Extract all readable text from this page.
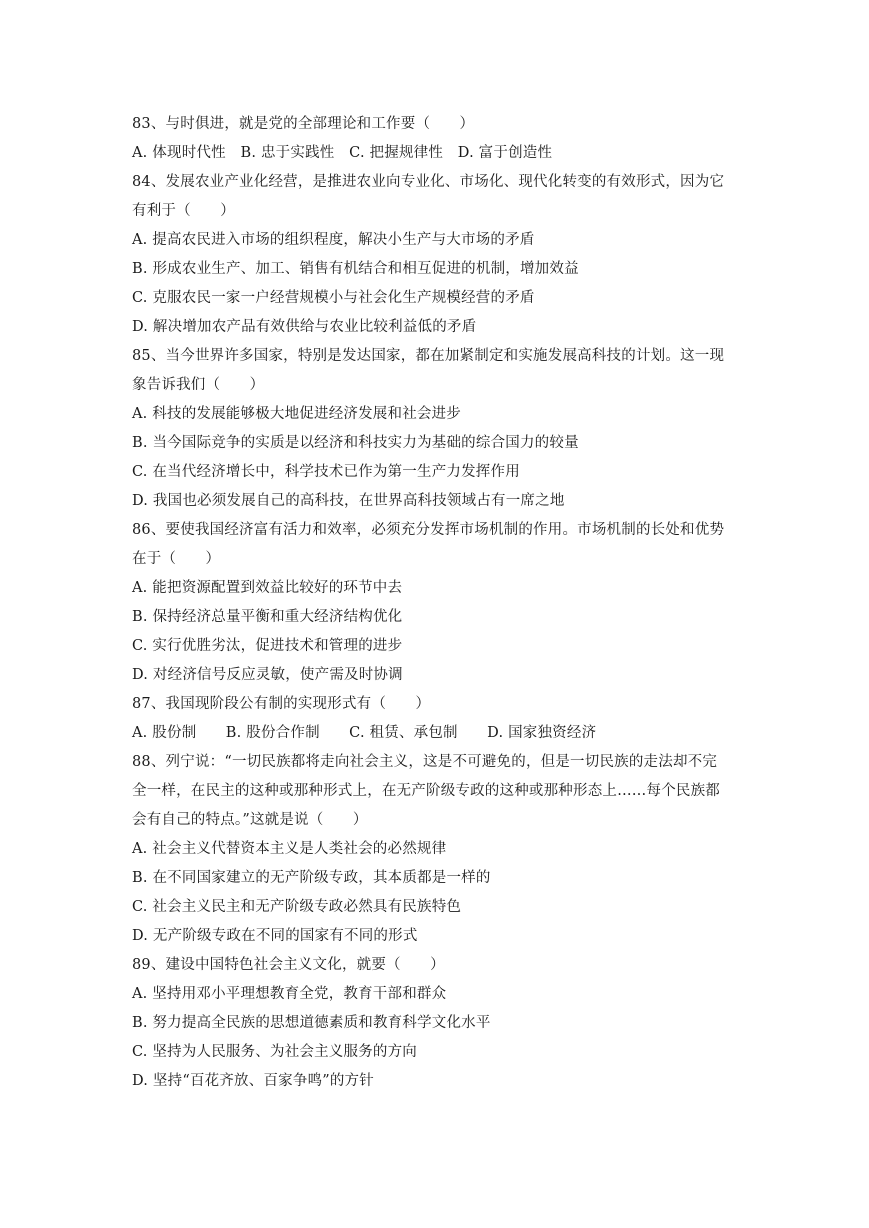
83、与时俱进，就是党的全部理论和工作要（　　）
A. 体现时代性　B. 忠于实践性　C. 把握规律性　D. 富于创造性
84、发展农业产业化经营，是推进农业向专业化、市场化、现代化转变的有效形式，因为它
有利于（　　）
A. 提高农民进入市场的组织程度，解决小生产与大市场的矛盾
B. 形成农业生产、加工、销售有机结合和相互促进的机制，增加效益
C. 克服农民一家一户经营规模小与社会化生产规模经营的矛盾
D. 解决增加农产品有效供给与农业比较利益低的矛盾
85、当今世界许多国家，特别是发达国家，都在加紧制定和实施发展高科技的计划。这一现
象告诉我们（　　）
A. 科技的发展能够极大地促进经济发展和社会进步
B. 当今国际竞争的实质是以经济和科技实力为基础的综合国力的较量
C. 在当代经济增长中，科学技术已作为第一生产力发挥作用
D. 我国也必须发展自己的高科技，在世界高科技领域占有一席之地
86、要使我国经济富有活力和效率，必须充分发挥市场机制的作用。市场机制的长处和优势
在于（　　）
A. 能把资源配置到效益比较好的环节中去
B. 保持经济总量平衡和重大经济结构优化
C. 实行优胜劣汰，促进技术和管理的进步
D. 对经济信号反应灵敏，使产需及时协调
87、我国现阶段公有制的实现形式有（　　）
A. 股份制　　B. 股份合作制　　C. 租赁、承包制　　D. 国家独资经济
88、列宁说：“一切民族都将走向社会主义，这是不可避免的，但是一切民族的走法却不完
全一样，在民主的这种或那种形式上，在无产阶级专政的这种或那种形态上……每个民族都
会有自己的特点。”这就是说（　　）
A. 社会主义代替资本主义是人类社会的必然规律
B. 在不同国家建立的无产阶级专政，其本质都是一样的
C. 社会主义民主和无产阶级专政必然具有民族特色
D. 无产阶级专政在不同的国家有不同的形式
89、建设中国特色社会主义文化，就要（　　）
A. 坚持用邓小平理想教育全党，教育干部和群众
B. 努力提高全民族的思想道德素质和教育科学文化水平
C. 坚持为人民服务、为社会主义服务的方向
D. 坚持“百花齐放、百家争鸣”的方针
